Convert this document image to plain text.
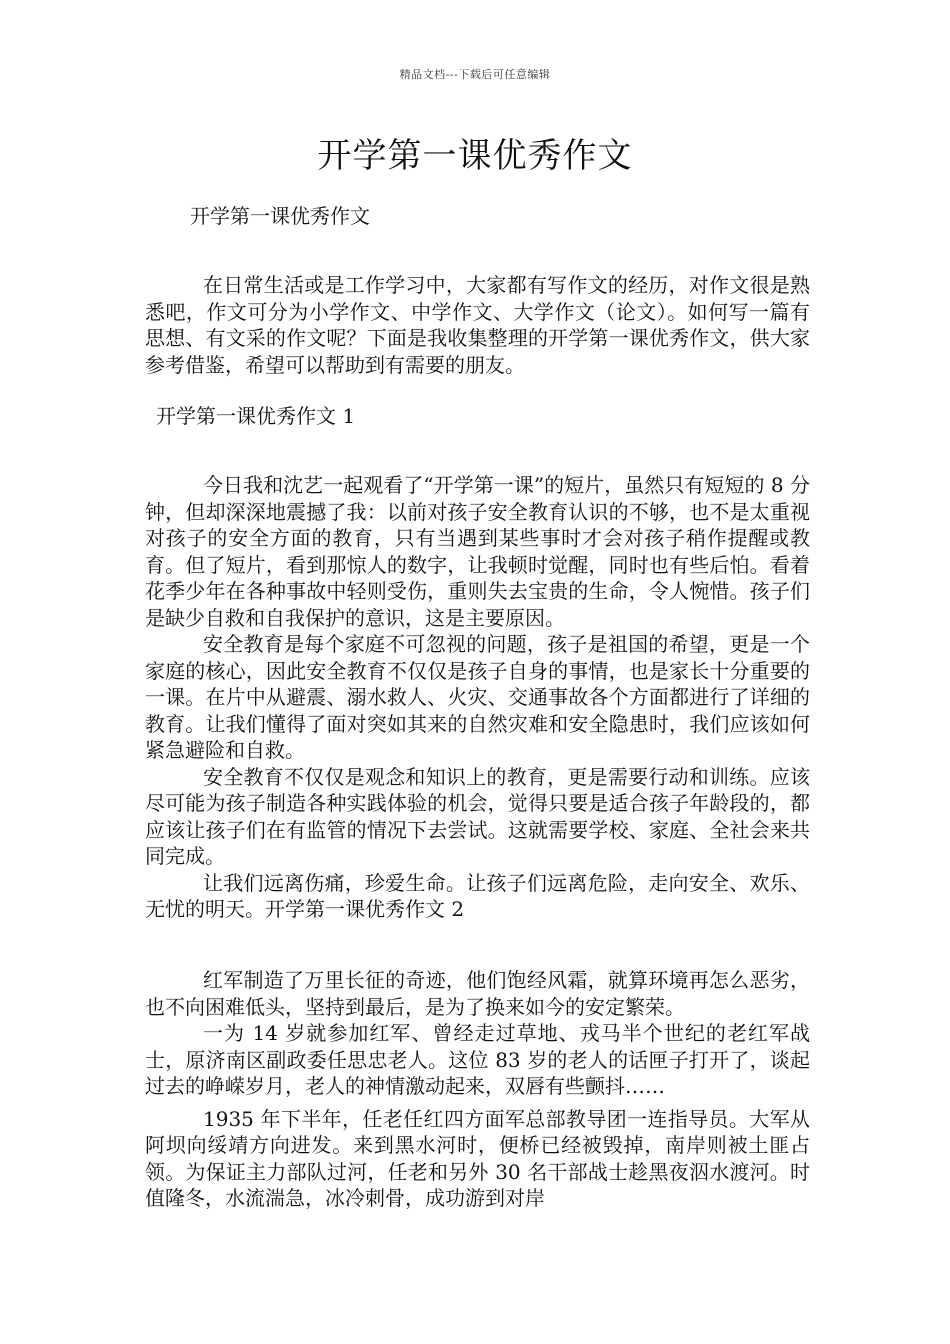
精品文档---下载后可任意编辑
开学第一课优秀作文
开学第一课优秀作文

在日常生活或是工作学习中，大家都有写作文的经历，对作文很是熟悉吧，作文可分为小学作文、中学作文、大学作文（论文）。如何写一篇有思想、有文采的作文呢？下面是我收集整理的开学第一课优秀作文，供大家参考借鉴，希望可以帮助到有需要的朋友。

开学第一课优秀作文 1

今日我和沈艺一起观看了“开学第一课”的短片，虽然只有短短的 8 分钟，但却深深地震撼了我：以前对孩子安全教育认识的不够，也不是太重视对孩子的安全方面的教育，只有当遇到某些事时才会对孩子稍作提醒或教育。但了短片，看到那惊人的数字，让我顿时觉醒，同时也有些后怕。看着花季少年在各种事故中轻则受伤，重则失去宝贵的生命，令人惋惜。孩子们是缺少自救和自我保护的意识，这是主要原因。

安全教育是每个家庭不可忽视的问题，孩子是祖国的希望，更是一个家庭的核心，因此安全教育不仅仅是孩子自身的事情，也是家长十分重要的一课。在片中从避震、溺水救人、火灾、交通事故各个方面都进行了详细的教育。让我们懂得了面对突如其来的自然灾难和安全隐患时，我们应该如何紧急避险和自救。

安全教育不仅仅是观念和知识上的教育，更是需要行动和训练。应该尽可能为孩子制造各种实践体验的机会，觉得只要是适合孩子年龄段的，都应该让孩子们在有监管的情况下去尝试。这就需要学校、家庭、全社会来共同完成。

让我们远离伤痛，珍爱生命。让孩子们远离危险，走向安全、欢乐、无忧的明天。开学第一课优秀作文 2

红军制造了万里长征的奇迹，他们饱经风霜，就算环境再怎么恶劣，也不向困难低头，坚持到最后，是为了换来如今的安定繁荣。

一为 14 岁就参加红军、曾经走过草地、戎马半个世纪的老红军战士，原济南区副政委任思忠老人。这位 83 岁的老人的话匣子打开了，谈起过去的峥嵘岁月，老人的神情激动起来，双唇有些颤抖……

1935 年下半年，任老任红四方面军总部教导团一连指导员。大军从阿坝向绥靖方向进发。来到黑水河时，便桥已经被毁掉，南岸则被土匪占领。为保证主力部队过河，任老和另外 30 名干部战士趁黑夜泅水渡河。时值隆冬，水流湍急，冰冷刺骨，成功游到对岸
